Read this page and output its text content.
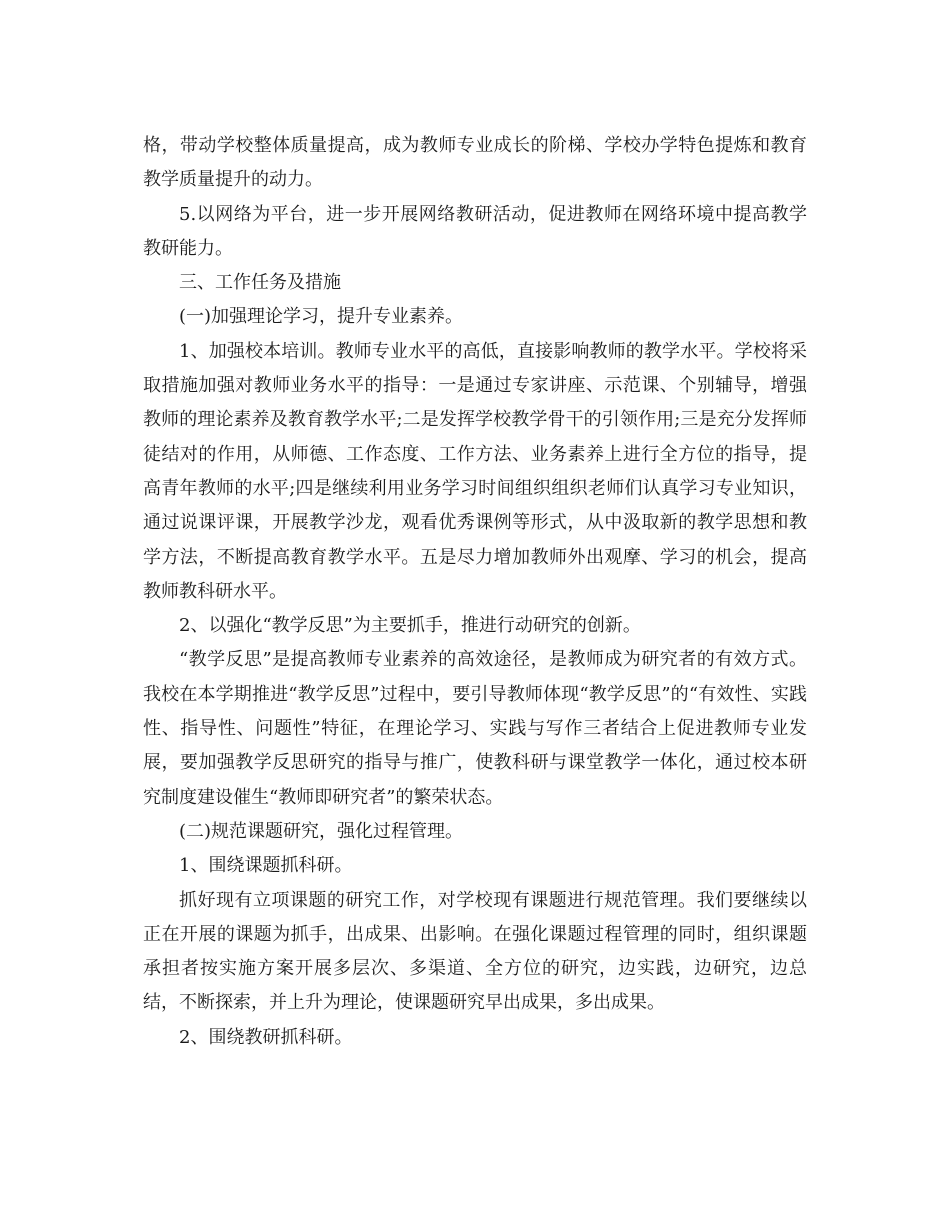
格，带动学校整体质量提高，成为教师专业成长的阶梯、学校办学特色提炼和教育教学质量提升的动力。

5.以网络为平台，进一步开展网络教研活动，促进教师在网络环境中提高教学教研能力。

三、工作任务及措施

(一)加强理论学习，提升专业素养。

1、加强校本培训。教师专业水平的高低，直接影响教师的教学水平。学校将采取措施加强对教师业务水平的指导：一是通过专家讲座、示范课、个别辅导，增强教师的理论素养及教育教学水平;二是发挥学校教学骨干的引领作用;三是充分发挥师徒结对的作用，从师德、工作态度、工作方法、业务素养上进行全方位的指导，提高青年教师的水平;四是继续利用业务学习时间组织组织老师们认真学习专业知识，通过说课评课，开展教学沙龙，观看优秀课例等形式，从中汲取新的教学思想和教学方法，不断提高教育教学水平。五是尽力增加教师外出观摩、学习的机会，提高教师教科研水平。

2、以强化“教学反思”为主要抓手，推进行动研究的创新。

“教学反思”是提高教师专业素养的高效途径，是教师成为研究者的有效方式。我校在本学期推进“教学反思”过程中，要引导教师体现“教学反思”的“有效性、实践性、指导性、问题性”特征，在理论学习、实践与写作三者结合上促进教师专业发展，要加强教学反思研究的指导与推广，使教科研与课堂教学一体化，通过校本研究制度建设催生“教师即研究者”的繁荣状态。

(二)规范课题研究，强化过程管理。

1、围绕课题抓科研。

抓好现有立项课题的研究工作，对学校现有课题进行规范管理。我们要继续以正在开展的课题为抓手，出成果、出影响。在强化课题过程管理的同时，组织课题承担者按实施方案开展多层次、多渠道、全方位的研究，边实践，边研究，边总结，不断探索，并上升为理论，使课题研究早出成果，多出成果。

2、围绕教研抓科研。
